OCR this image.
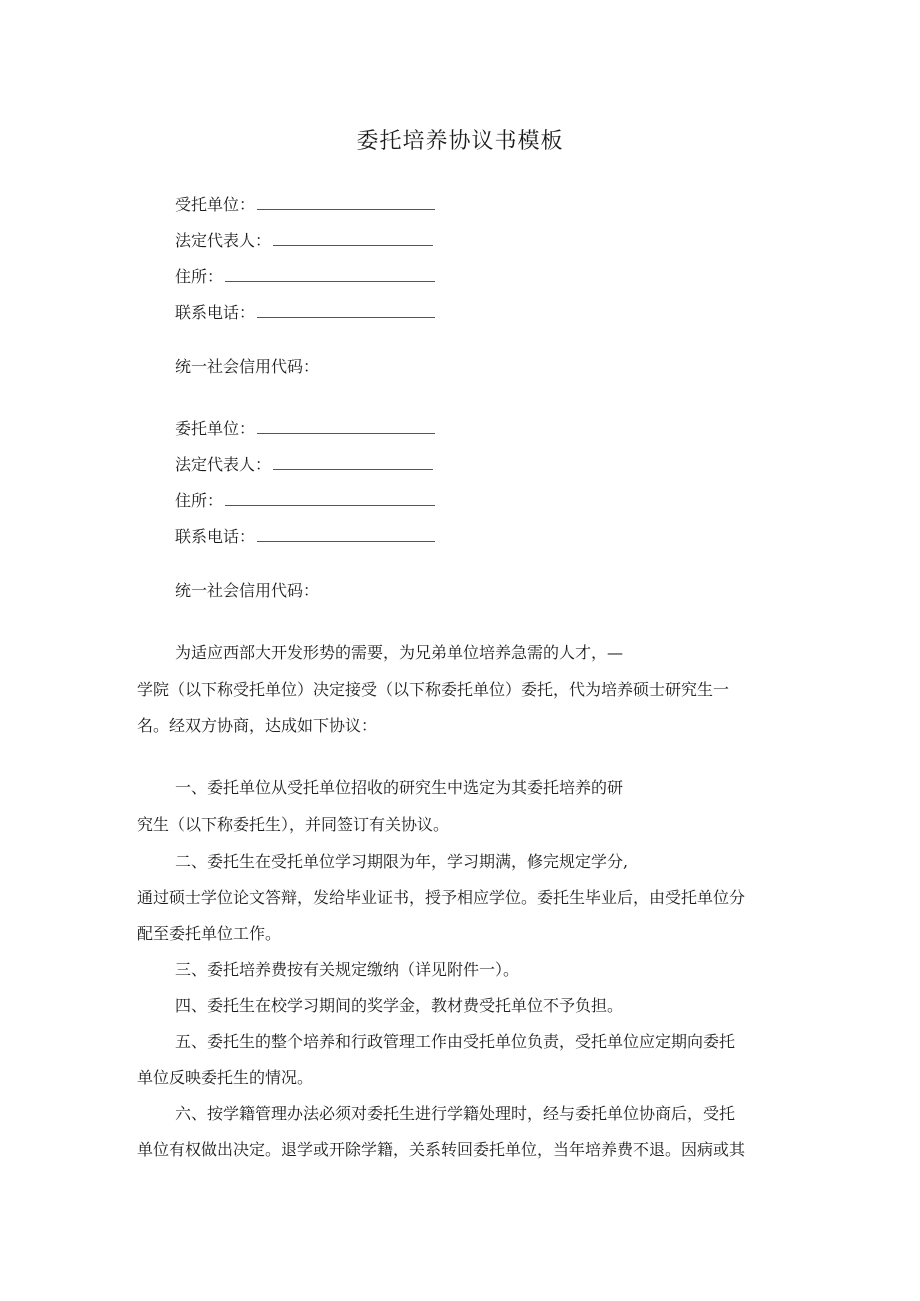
委托培养协议书模板
受托单位：
法定代表人：
住所：
联系电话：
统一社会信用代码：
委托单位：
法定代表人：
住所：
联系电话：
统一社会信用代码：
为适应西部大开发形势的需要，为兄弟单位培养急需的人才，—
学院（以下称受托单位）决定接受（以下称委托单位）委托，代为培养硕士研究生一
名。经双方协商，达成如下协议：
一、委托单位从受托单位招收的研究生中选定为其委托培养的研
究生（以下称委托生），并同签订有关协议。
二、委托生在受托单位学习期限为年，学习期满，修完规定学分,
通过硕士学位论文答辩，发给毕业证书，授予相应学位。委托生毕业后，由受托单位分
配至委托单位工作。
三、委托培养费按有关规定缴纳（详见附件一）。
四、委托生在校学习期间的奖学金，教材费受托单位不予负担。
五、委托生的整个培养和行政管理工作由受托单位负责，受托单位应定期向委托
单位反映委托生的情况。
六、按学籍管理办法必须对委托生进行学籍处理时，经与委托单位协商后，受托
单位有权做出决定。退学或开除学籍，关系转回委托单位，当年培养费不退。因病或其
